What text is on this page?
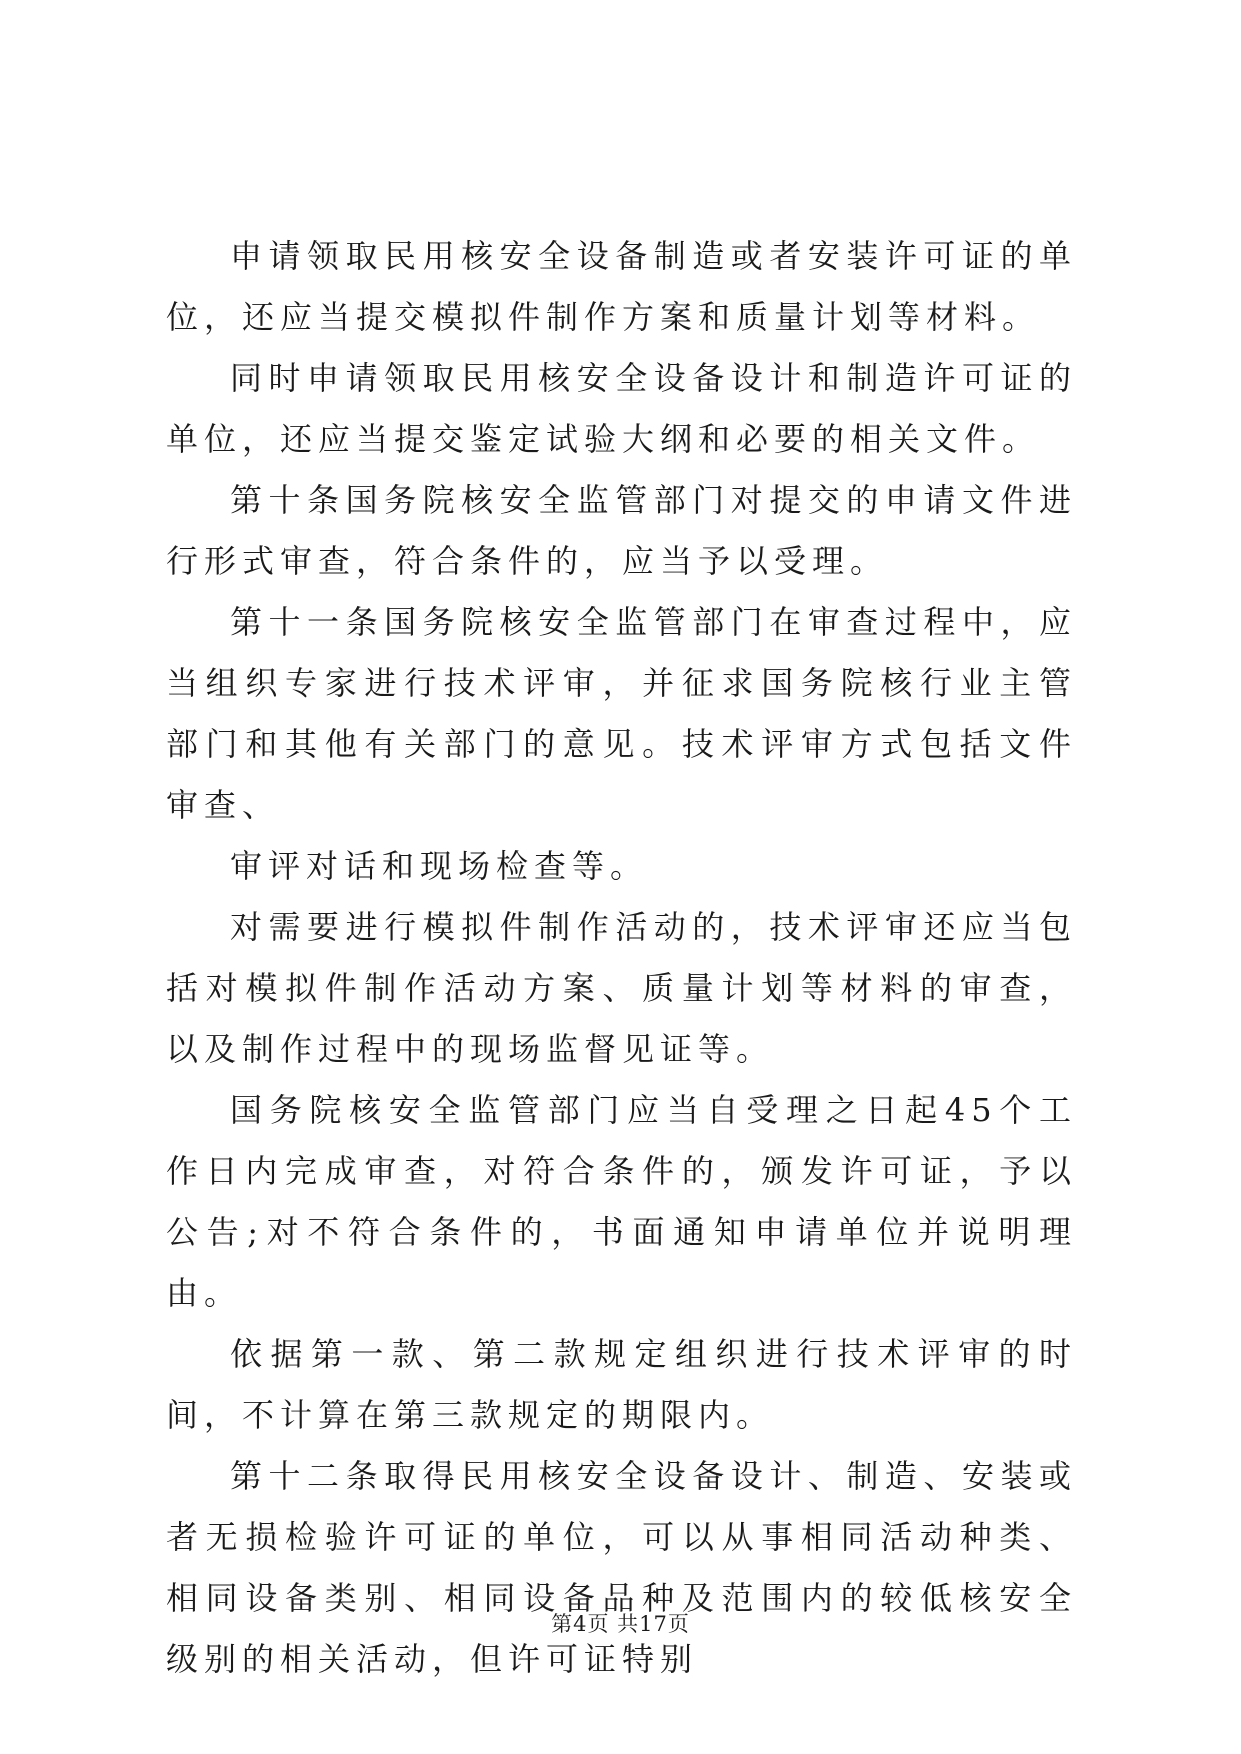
申请领取民用核安全设备制造或者安装许可证的单位，还应当提交模拟件制作方案和质量计划等材料。

同时申请领取民用核安全设备设计和制造许可证的单位，还应当提交鉴定试验大纲和必要的相关文件。

第十条国务院核安全监管部门对提交的申请文件进行形式审查，符合条件的，应当予以受理。

第十一条国务院核安全监管部门在审查过程中，应当组织专家进行技术评审，并征求国务院核行业主管部门和其他有关部门的意见。技术评审方式包括文件审查、

审评对话和现场检查等。

对需要进行模拟件制作活动的，技术评审还应当包括对模拟件制作活动方案、质量计划等材料的审查，以及制作过程中的现场监督见证等。

国务院核安全监管部门应当自受理之日起45个工作日内完成审查，对符合条件的，颁发许可证，予以公告;对不符合条件的，书面通知申请单位并说明理由。

依据第一款、第二款规定组织进行技术评审的时间，不计算在第三款规定的期限内。

第十二条取得民用核安全设备设计、制造、安装或者无损检验许可证的单位，可以从事相同活动种类、相同设备类别、相同设备品种及范围内的较低核安全级别的相关活动，但许可证特别

第4页 共17页
